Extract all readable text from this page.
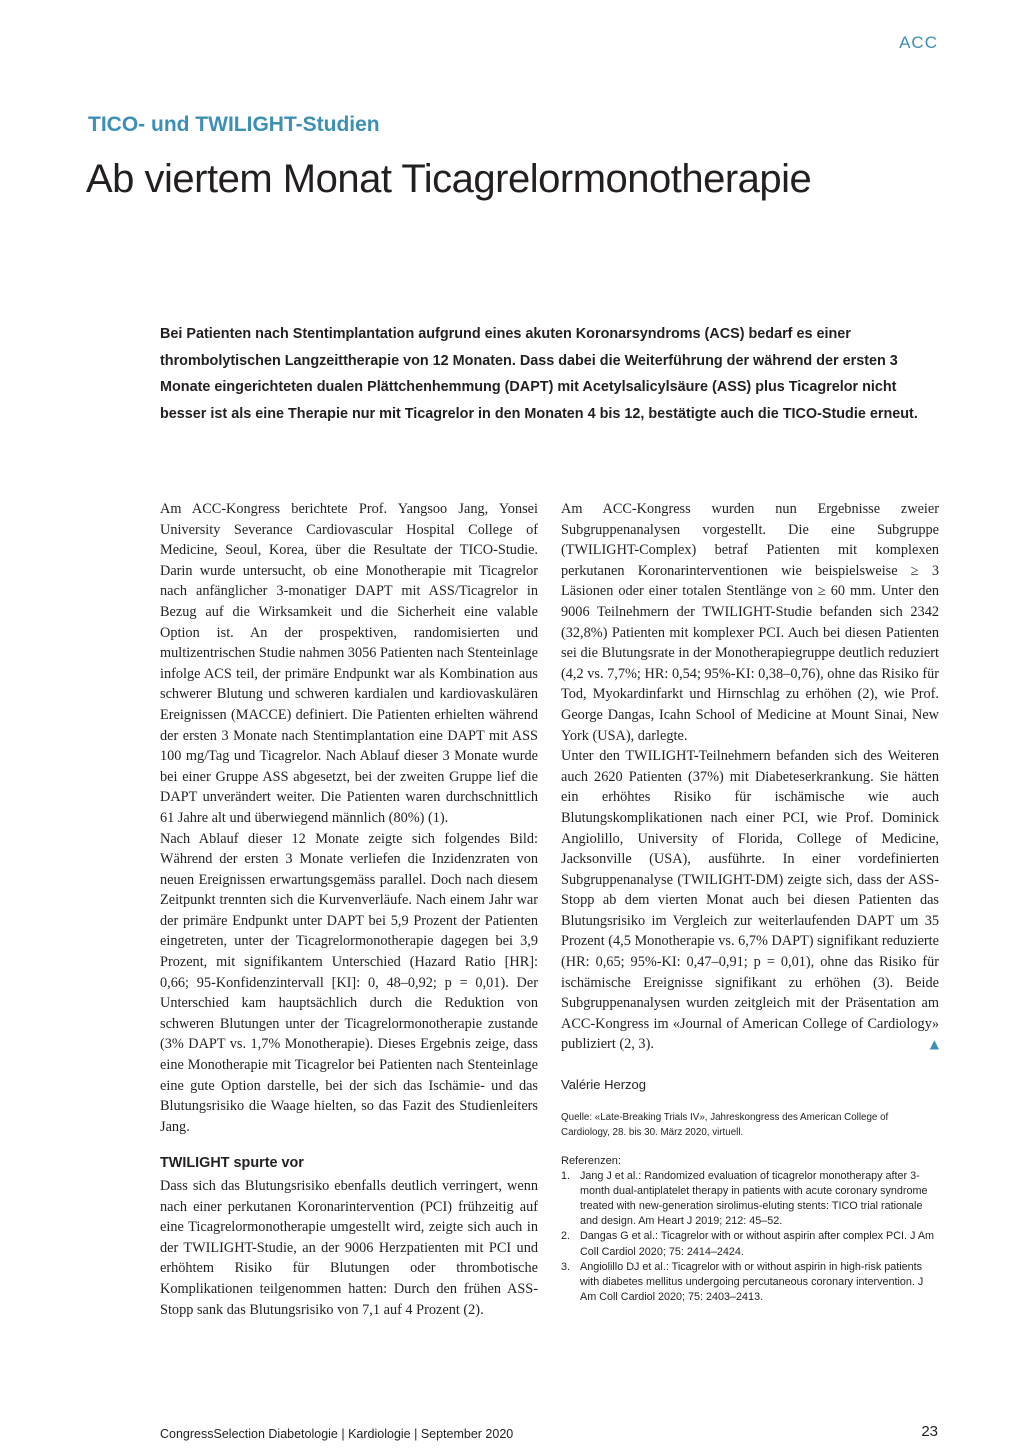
ACC
TICO- und TWILIGHT-Studien
Ab viertem Monat Ticagrelormonotherapie

Bei Patienten nach Stentimplantation aufgrund eines akuten Koronarsyndroms (ACS) bedarf es einer thrombolytischen Langzeittherapie von 12 Monaten. Dass dabei die Weiterführung der während der ersten 3 Monate eingerichteten dualen Plättchenhemmung (DAPT) mit Acetylsalicylsäure (ASS) plus Ticagrelor nicht besser ist als eine Therapie nur mit Ticagrelor in den Monaten 4 bis 12, bestätigte auch die TICO-Studie erneut.

Am ACC-Kongress berichtete Prof. Yangsoo Jang, Yonsei University Severance Cardiovascular Hospital College of Medicine, Seoul, Korea, über die Resultate der TICO-Studie. Darin wurde untersucht, ob eine Monotherapie mit Ticagrelor nach anfänglicher 3-monatiger DAPT mit ASS/Ticagrelor in Bezug auf die Wirksamkeit und die Sicherheit eine valable Option ist. An der prospektiven, randomisierten und multizentrischen Studie nahmen 3056 Patienten nach Stenteinlage infolge ACS teil, der primäre Endpunkt war als Kombination aus schwerer Blutung und schweren kardialen und kardiovaskulären Ereignissen (MACCE) definiert. Die Patienten erhielten während der ersten 3 Monate nach Stentimplantation eine DAPT mit ASS 100 mg/Tag und Ticagrelor. Nach Ablauf dieser 3 Monate wurde bei einer Gruppe ASS abgesetzt, bei der zweiten Gruppe lief die DAPT unverändert weiter. Die Patienten waren durchschnittlich 61 Jahre alt und überwiegend männlich (80%) (1).

Nach Ablauf dieser 12 Monate zeigte sich folgendes Bild: Während der ersten 3 Monate verliefen die Inzidenzraten von neuen Ereignissen erwartungsgemäss parallel. Doch nach diesem Zeitpunkt trennten sich die Kurvenverläufe. Nach einem Jahr war der primäre Endpunkt unter DAPT bei 5,9 Prozent der Patienten eingetreten, unter der Ticagrelormonotherapie dagegen bei 3,9 Prozent, mit signifikantem Unterschied (Hazard Ratio [HR]: 0,66; 95-Konfidenzintervall [KI]: 0, 48–0,92; p = 0,01). Der Unterschied kam hauptsächlich durch die Reduktion von schweren Blutungen unter der Ticagrelormonotherapie zustande (3% DAPT vs. 1,7% Monotherapie). Dieses Ergebnis zeige, dass eine Monotherapie mit Ticagrelor bei Patienten nach Stenteinlage eine gute Option darstelle, bei der sich das Ischämie- und das Blutungsrisiko die Waage hielten, so das Fazit des Studienleiters Jang.

TWILIGHT spurte vor

Dass sich das Blutungsrisiko ebenfalls deutlich verringert, wenn nach einer perkutanen Koronarintervention (PCI) frühzeitig auf eine Ticagrelormonotherapie umgestellt wird, zeigte sich auch in der TWILIGHT-Studie, an der 9006 Herzpatienten mit PCI und erhöhtem Risiko für Blutungen oder thrombotische Komplikationen teilgenommen hatten: Durch den frühen ASS-Stopp sank das Blutungsrisiko von 7,1 auf 4 Prozent (2).

Am ACC-Kongress wurden nun Ergebnisse zweier Subgruppenanalysen vorgestellt. Die eine Subgruppe (TWILIGHT-Complex) betraf Patienten mit komplexen perkutanen Koronarinterventionen wie beispielsweise ≥ 3 Läsionen oder einer totalen Stentlänge von ≥ 60 mm. Unter den 9006 Teilnehmern der TWILIGHT-Studie befanden sich 2342 (32,8%) Patienten mit komplexer PCI. Auch bei diesen Patienten sei die Blutungsrate in der Monotherapiegruppe deutlich reduziert (4,2 vs. 7,7%; HR: 0,54; 95%-KI: 0,38–0,76), ohne das Risiko für Tod, Myokardinfarkt und Hirnschlag zu erhöhen (2), wie Prof. George Dangas, Icahn School of Medicine at Mount Sinai, New York (USA), darlegte.

Unter den TWILIGHT-Teilnehmern befanden sich des Weiteren auch 2620 Patienten (37%) mit Diabeteserkrankung. Sie hätten ein erhöhtes Risiko für ischämische wie auch Blutungskomplikationen nach einer PCI, wie Prof. Dominick Angiolillo, University of Florida, College of Medicine, Jacksonville (USA), ausführte. In einer vordefinierten Subgruppenanalyse (TWILIGHT-DM) zeigte sich, dass der ASS-Stopp ab dem vierten Monat auch bei diesen Patienten das Blutungsrisiko im Vergleich zur weiterlaufenden DAPT um 35 Prozent (4,5 Monotherapie vs. 6,7% DAPT) signifikant reduzierte (HR: 0,65; 95%-KI: 0,47–0,91; p = 0,01), ohne das Risiko für ischämische Ereignisse signifikant zu erhöhen (3). Beide Subgruppenanalysen wurden zeitgleich mit der Präsentation am ACC-Kongress im «Journal of American College of Cardiology» publiziert (2, 3).	▲

Valérie Herzog
Quelle: «Late-Breaking Trials IV», Jahreskongress des American College of Cardiology, 28. bis 30. März 2020, virtuell.
Referenzen:
1. Jang J et al.: Randomized evaluation of ticagrelor monotherapy after 3-month dual-antiplatelet therapy in patients with acute coronary syndrome treated with new-generation sirolimus-eluting stents: TICO trial rationale and design. Am Heart J 2019; 212: 45–52.
2. Dangas G et al.: Ticagrelor with or without aspirin after complex PCI. J Am Coll Cardiol 2020; 75: 2414–2424.
3. Angiolillo DJ et al.: Ticagrelor with or without aspirin in high-risk patients with diabetes mellitus undergoing percutaneous coronary intervention. J Am Coll Cardiol 2020; 75: 2403–2413.
CongressSelection Diabetologie | Kardiologie | September 2020	23
